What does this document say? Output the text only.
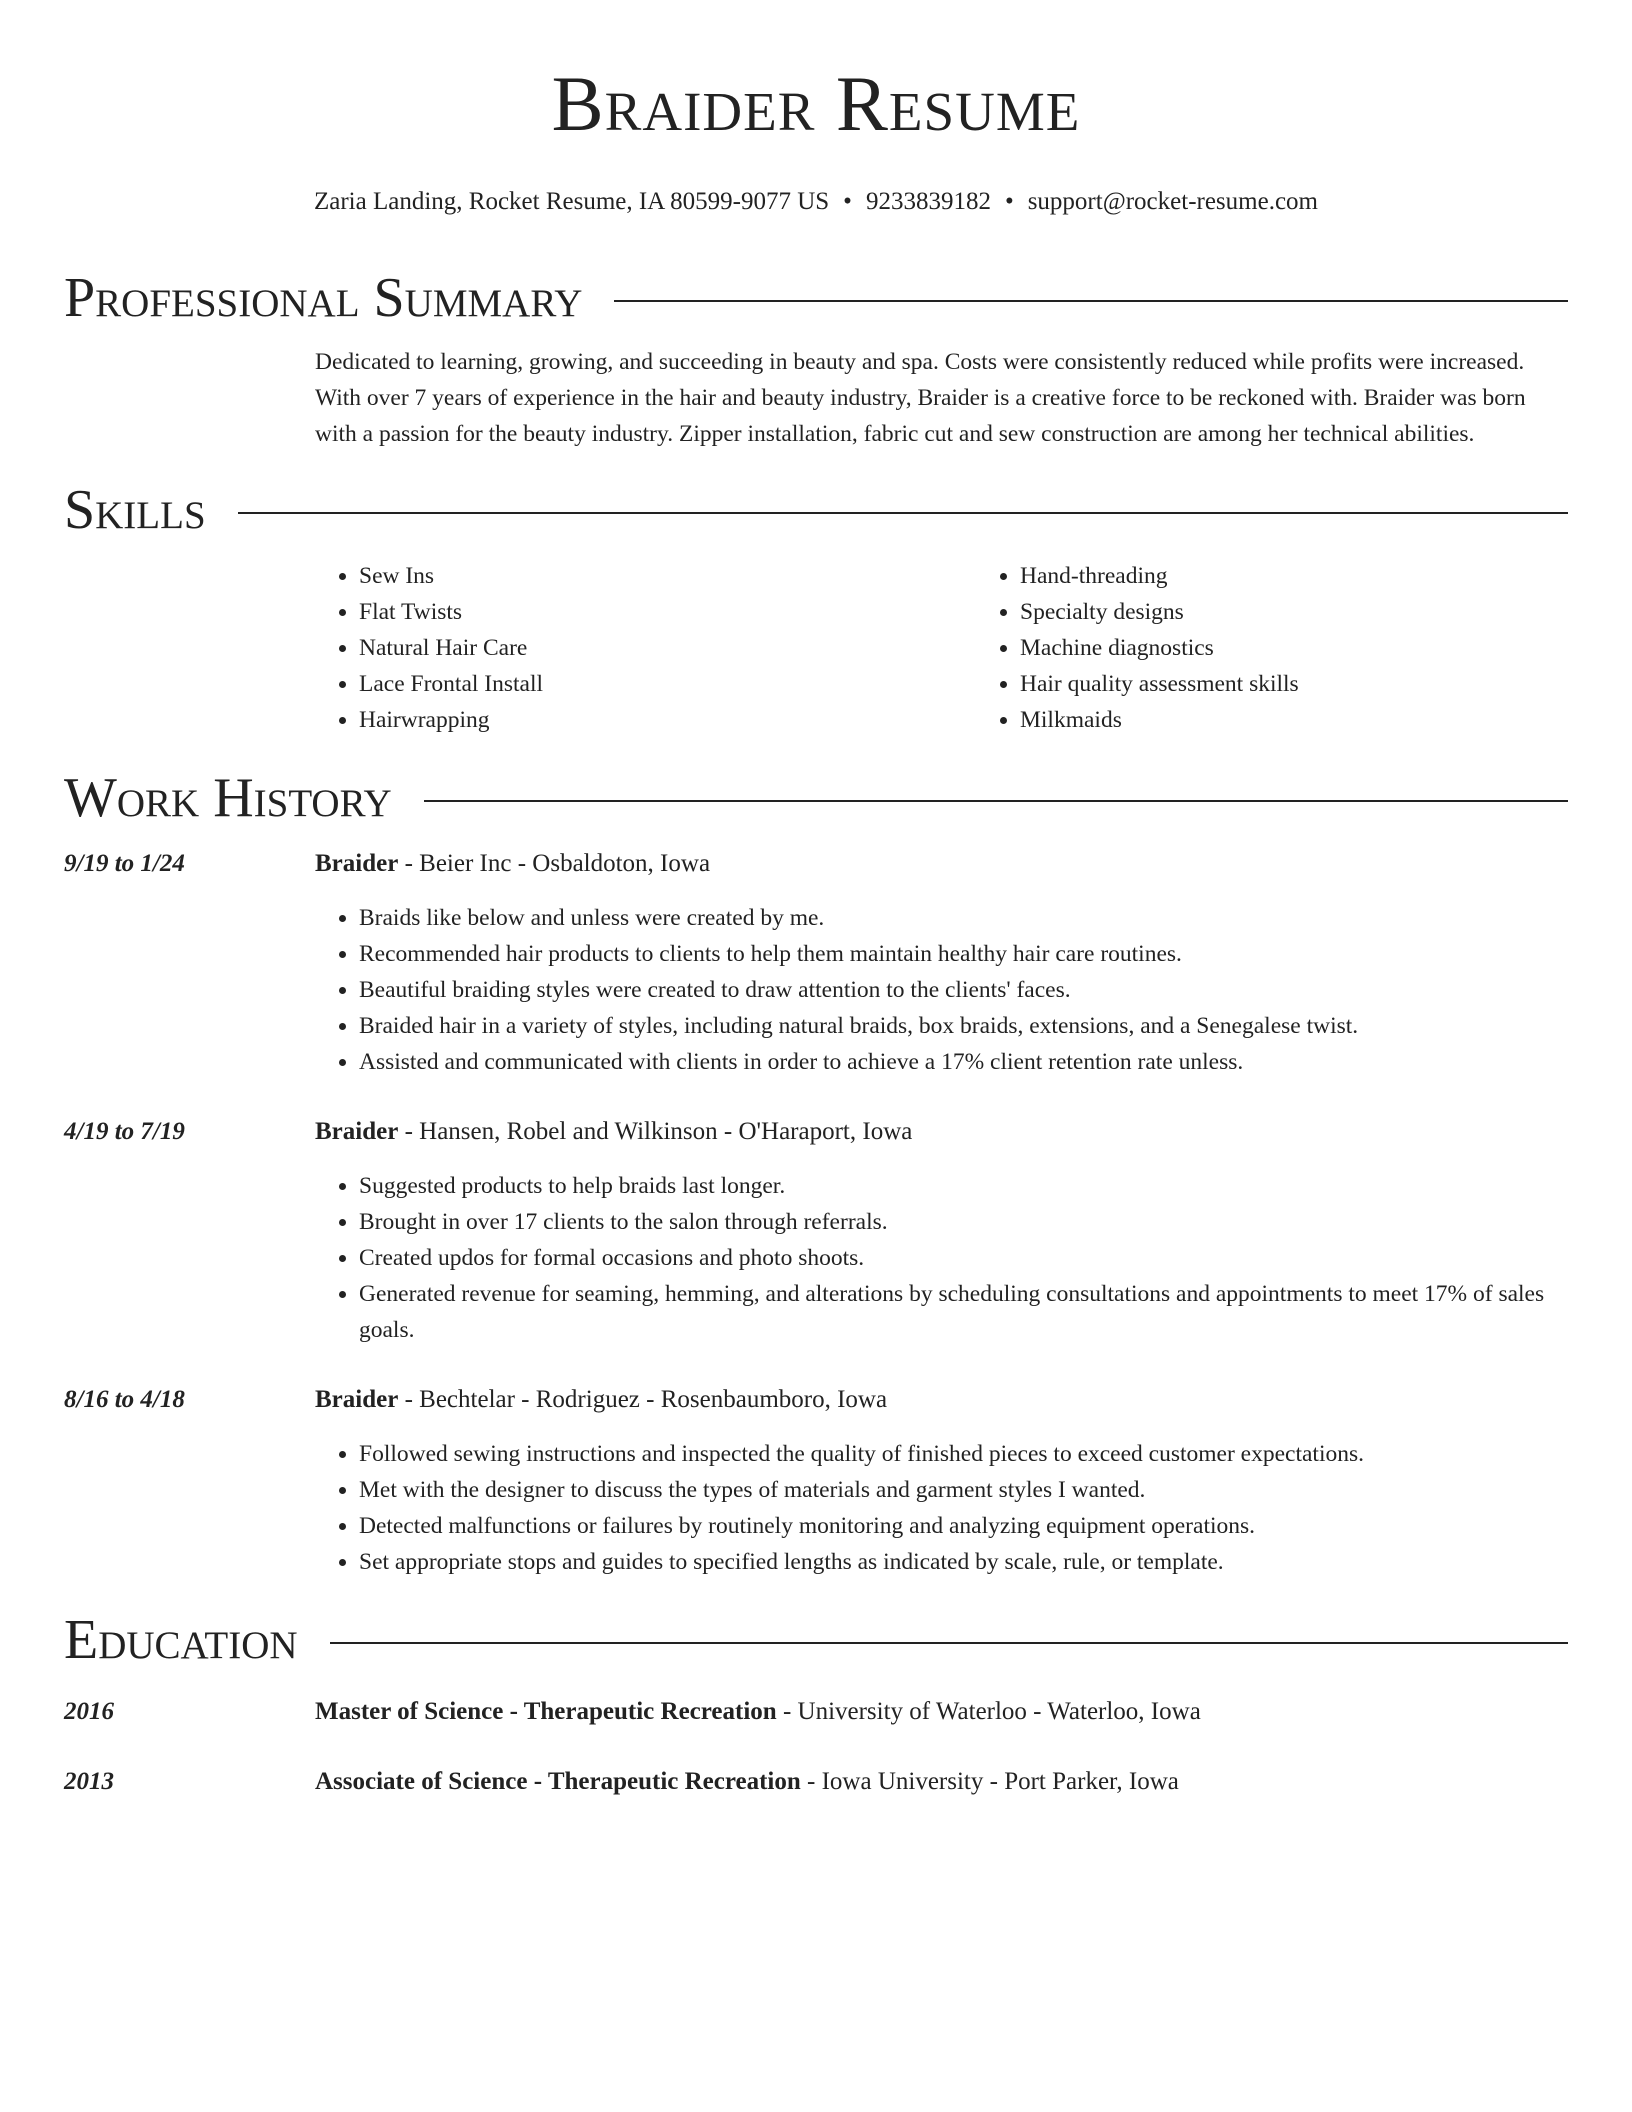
Braider Resume
Zaria Landing, Rocket Resume, IA 80599-9077 US • 9233839182 • support@rocket-resume.com
Professional Summary
Dedicated to learning, growing, and succeeding in beauty and spa. Costs were consistently reduced while profits were increased. With over 7 years of experience in the hair and beauty industry, Braider is a creative force to be reckoned with. Braider was born with a passion for the beauty industry. Zipper installation, fabric cut and sew construction are among her technical abilities.
Skills
• Sew Ins
• Flat Twists
• Natural Hair Care
• Lace Frontal Install
• Hairwrapping
• Hand-threading
• Specialty designs
• Machine diagnostics
• Hair quality assessment skills
• Milkmaids
Work History
9/19 to 1/24	Braider - Beier Inc - Osbaldoton, Iowa
• Braids like below and unless were created by me.
• Recommended hair products to clients to help them maintain healthy hair care routines.
• Beautiful braiding styles were created to draw attention to the clients' faces.
• Braided hair in a variety of styles, including natural braids, box braids, extensions, and a Senegalese twist.
• Assisted and communicated with clients in order to achieve a 17% client retention rate unless.
4/19 to 7/19	Braider - Hansen, Robel and Wilkinson - O'Haraport, Iowa
• Suggested products to help braids last longer.
• Brought in over 17 clients to the salon through referrals.
• Created updos for formal occasions and photo shoots.
• Generated revenue for seaming, hemming, and alterations by scheduling consultations and appointments to meet 17% of sales goals.
8/16 to 4/18	Braider - Bechtelar - Rodriguez - Rosenbaumboro, Iowa
• Followed sewing instructions and inspected the quality of finished pieces to exceed customer expectations.
• Met with the designer to discuss the types of materials and garment styles I wanted.
• Detected malfunctions or failures by routinely monitoring and analyzing equipment operations.
• Set appropriate stops and guides to specified lengths as indicated by scale, rule, or template.
Education
2016	Master of Science - Therapeutic Recreation - University of Waterloo - Waterloo, Iowa
2013	Associate of Science - Therapeutic Recreation - Iowa University - Port Parker, Iowa
